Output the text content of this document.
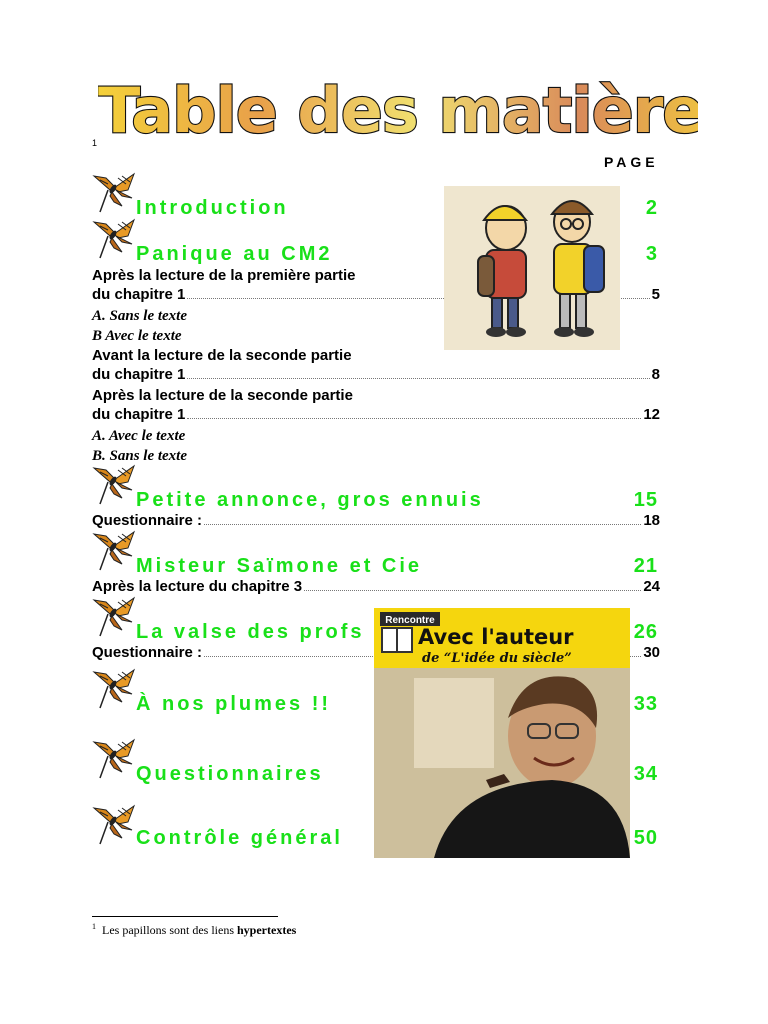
Table des matières
1
PAGE
Introduction	2
Panique au CM2	3
Après la lecture de la première partie
du chapitre 1	5
A. Sans le texte
B Avec le texte
Avant la lecture de la seconde partie
du chapitre 1	8
Après la lecture de la seconde partie
du chapitre 1	12
A. Avec le texte
B. Sans le texte
Petite annonce, gros ennuis	15
Questionnaire :	18
Misteur Saïmone et Cie	21
Après la lecture du chapitre 3	24
La valse des profs	26
Questionnaire :	30
À nos plumes !!	33
Questionnaires	34
Contrôle général	50
Rencontre
Avec l'auteur
de “L'idée du siècle”
$^1$ Les papillons sont des liens hypertextes
